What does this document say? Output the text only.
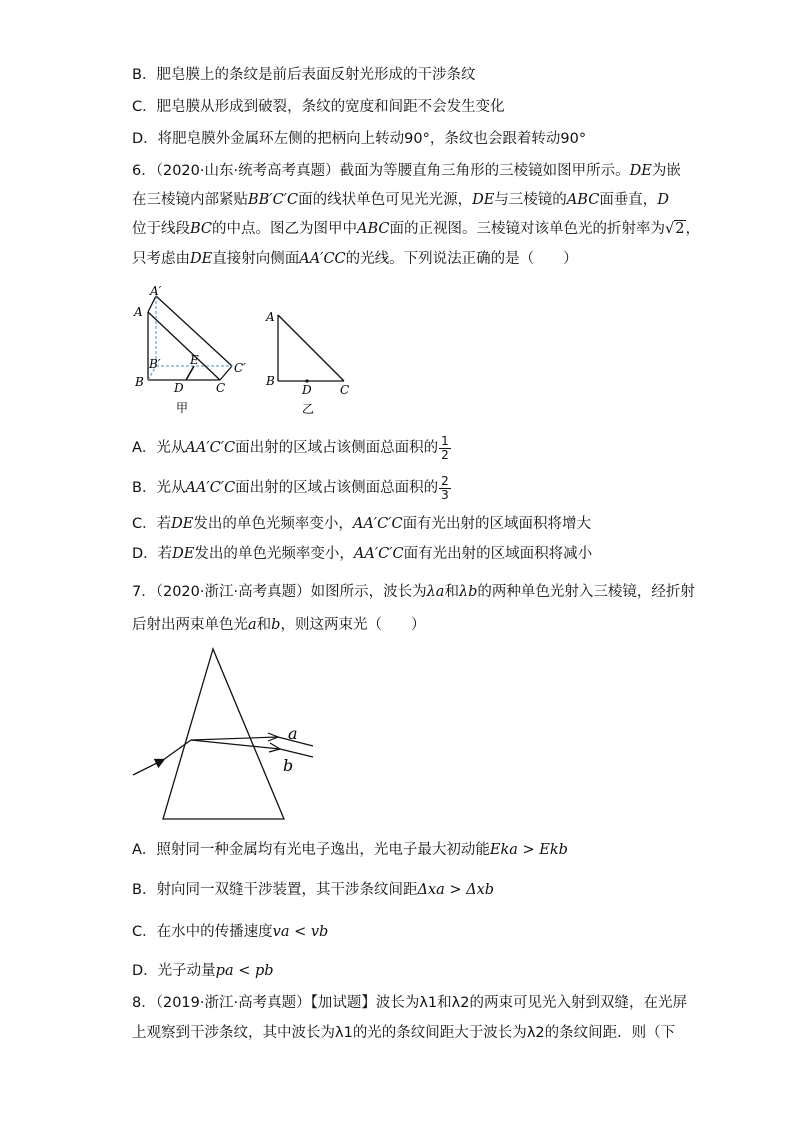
B．肥皂膜上的条纹是前后表面反射光形成的干涉条纹
C．肥皂膜从形成到破裂，条纹的宽度和间距不会发生变化
D．将肥皂膜外金属环左侧的把柄向上转动90°，条纹也会跟着转动90°
6．（2020·山东·统考高考真题）截面为等腰直角三角形的三棱镜如图甲所示。DE为嵌
在三棱镜内部紧贴BB′C′C面的线状单色可见光光源，DE与三棱镜的ABC面垂直，D
位于线段BC的中点。图乙为图甲中ABC面的正视图。三棱镜对该单色光的折射率为√2，
只考虑由DE直接射向侧面AA′CC的光线。下列说法正确的是（　　）
A′
A
B′ E
C′
B	D	C
甲
A
B
D C
乙
A．光从AA′C′C面出射的区域占该侧面总面积的 $\frac{1}{2}$
B．光从AA′C′C面出射的区域占该侧面总面积的 $\frac{2}{3}$
C．若DE发出的单色光频率变小，AA′C′C面有光出射的区域面积将增大
D．若DE发出的单色光频率变小，AA′C′C面有光出射的区域面积将减小
7．（2020·浙江·高考真题）如图所示，波长为λa和λb的两种单色光射入三棱镜，经折射
后射出两束单色光a和b，则这两束光（　　）
a
b
A．照射同一种金属均有光电子逸出，光电子最大初动能Eka > Ekb
B．射向同一双缝干涉装置，其干涉条纹间距Δxa > Δxb
C．在水中的传播速度va < vb
D．光子动量pa < pb
8．（2019·浙江·高考真题）【加试题】波长为λ1和λ2的两束可见光入射到双缝，在光屏
上观察到干涉条纹，其中波长为λ1的光的条纹间距大于波长为λ2的条纹间距．则（下
